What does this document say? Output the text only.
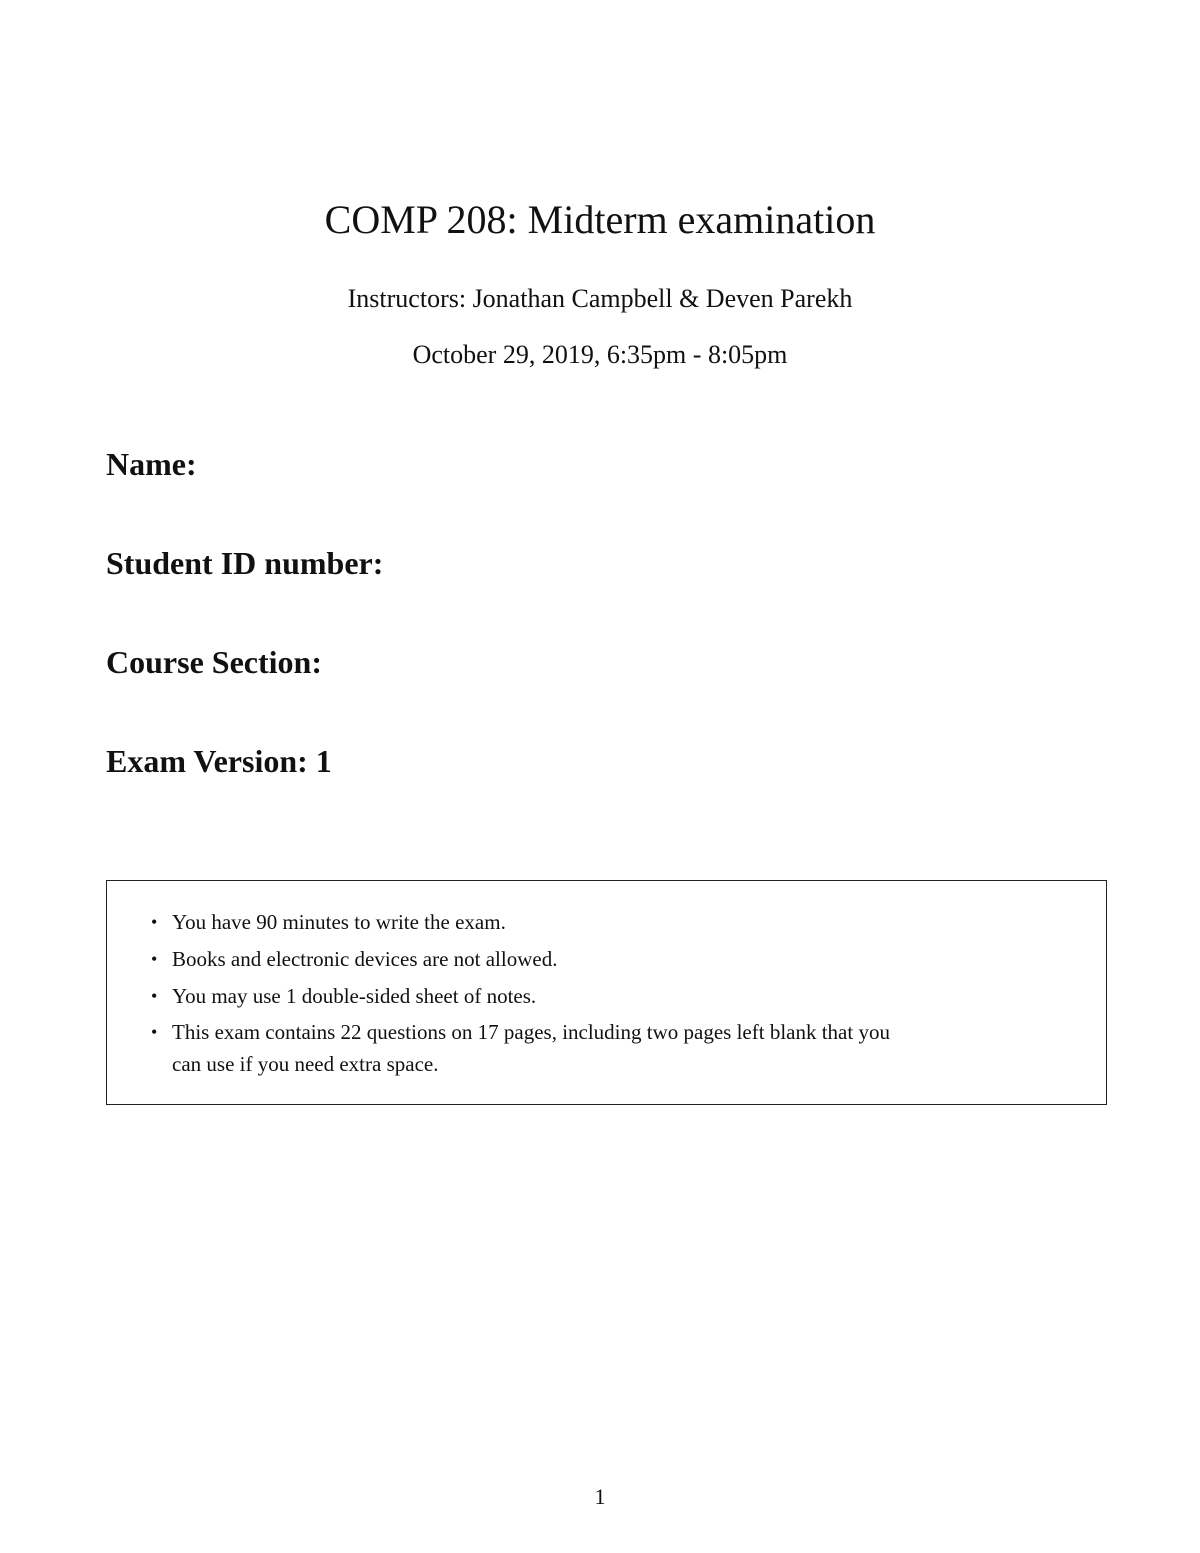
COMP 208: Midterm examination
Instructors: Jonathan Campbell & Deven Parekh
October 29, 2019, 6:35pm - 8:05pm
Name:
Student ID number:
Course Section:
Exam Version: 1
• You have 90 minutes to write the exam.
• Books and electronic devices are not allowed.
• You may use 1 double-sided sheet of notes.
• This exam contains 22 questions on 17 pages, including two pages left blank that you can use if you need extra space.
1
